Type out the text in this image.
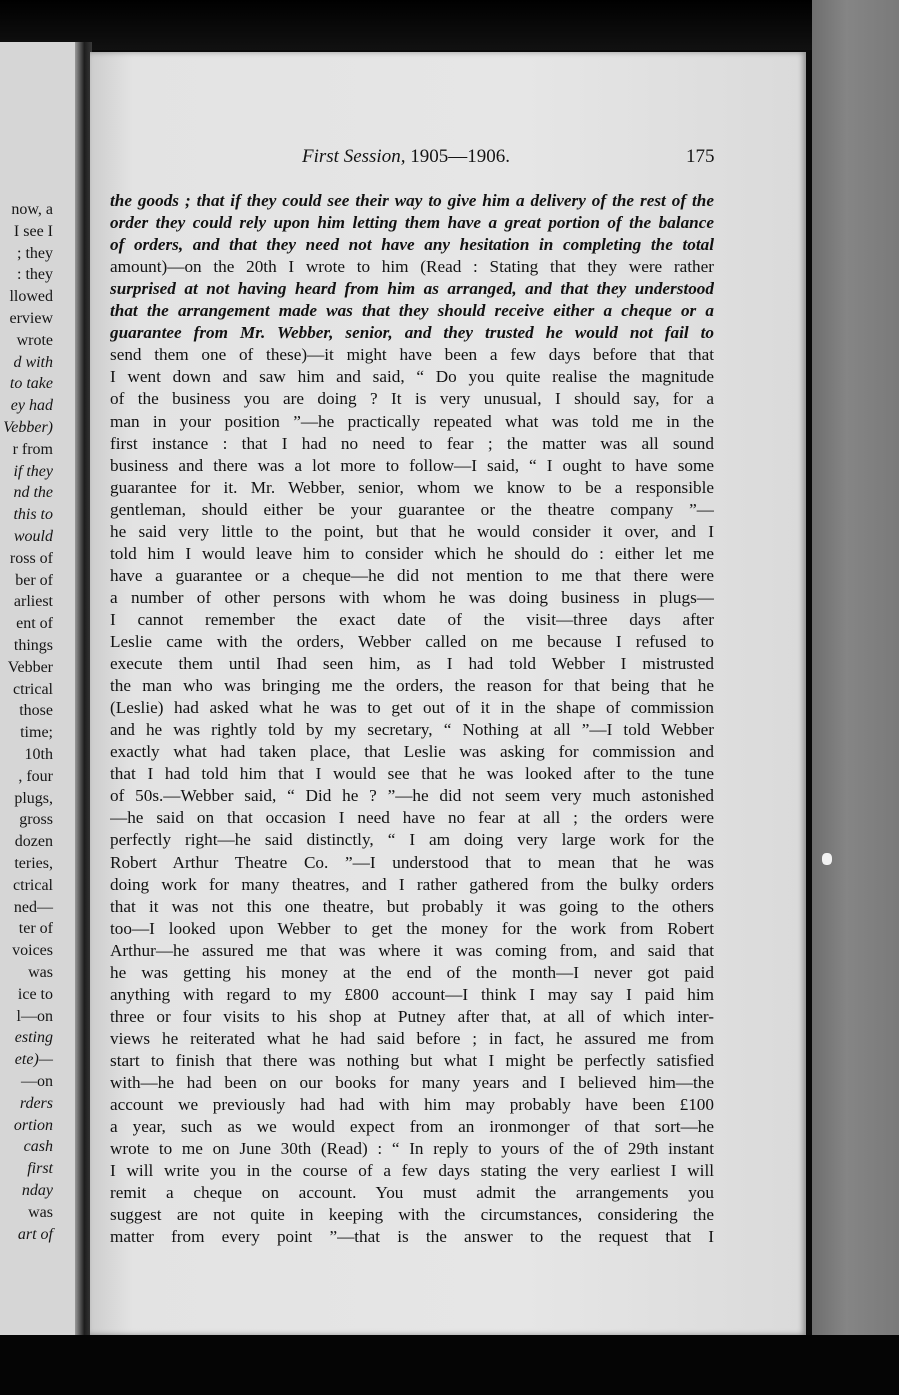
now, a
I see I
; they
: they
llowed
erview
wrote
d with
to take
ey had
Vebber)
r from
if they
nd the
this to
would
ross of
ber of
arliest
ent of
things
Vebber
ctrical
those
time;
10th
, four
plugs,
gross
dozen
teries,
ctrical
ned—
ter of
voices
was
ice to
l—on
esting
ete)—
—on
rders
ortion
cash
first
nday
was
art of
First Session, 1905—1906.	175
the goods ; that if they could see their way to give him a delivery of the rest of the
order they could rely upon him letting them have a great portion of the balance
of orders, and that they need not have any hesitation in completing the total
amount)—on the 20th I wrote to him (Read : Stating that they were rather
surprised at not having heard from him as arranged, and that they understood
that the arrangement made was that they should receive either a cheque or a
guarantee from Mr. Webber, senior, and they trusted he would not fail to
send them one of these)—it might have been a few days before that that
I went down and saw him and said, “ Do you quite realise the magnitude
of the business you are doing ? It is very unusual, I should say, for a
man in your position ”—he practically repeated what was told me in the
first instance : that I had no need to fear ; the matter was all sound
business and there was a lot more to follow—I said, “ I ought to have some
guarantee for it. Mr. Webber, senior, whom we know to be a responsible
gentleman, should either be your guarantee or the theatre company ”—
he said very little to the point, but that he would consider it over, and I
told him I would leave him to consider which he should do : either let me
have a guarantee or a cheque—he did not mention to me that there were
a number of other persons with whom he was doing business in plugs—
I cannot remember the exact date of the visit—three days after
Leslie came with the orders, Webber called on me because I refused to
execute them until Ihad seen him, as I had told Webber I mistrusted
the man who was bringing me the orders, the reason for that being that he
(Leslie) had asked what he was to get out of it in the shape of commission
and he was rightly told by my secretary, “ Nothing at all ”—I told Webber
exactly what had taken place, that Leslie was asking for commission and
that I had told him that I would see that he was looked after to the tune
of 50s.—Webber said, “ Did he ? ”—he did not seem very much astonished
—he said on that occasion I need have no fear at all ; the orders were
perfectly right—he said distinctly, “ I am doing very large work for the
Robert Arthur Theatre Co. ”—I understood that to mean that he was
doing work for many theatres, and I rather gathered from the bulky orders
that it was not this one theatre, but probably it was going to the others
too—I looked upon Webber to get the money for the work from Robert
Arthur—he assured me that was where it was coming from, and said that
he was getting his money at the end of the month—I never got paid
anything with regard to my £800 account—I think I may say I paid him
three or four visits to his shop at Putney after that, at all of which inter-
views he reiterated what he had said before ; in fact, he assured me from
start to finish that there was nothing but what I might be perfectly satisfied
with—he had been on our books for many years and I believed him—the
account we previously had had with him may probably have been £100
a year, such as we would expect from an ironmonger of that sort—he
wrote to me on June 30th (Read) : “ In reply to yours of the of 29th instant
I will write you in the course of a few days stating the very earliest I will
remit a cheque on account. You must admit the arrangements you
suggest are not quite in keeping with the circumstances, considering the
matter from every point ”—that is the answer to the request that I
